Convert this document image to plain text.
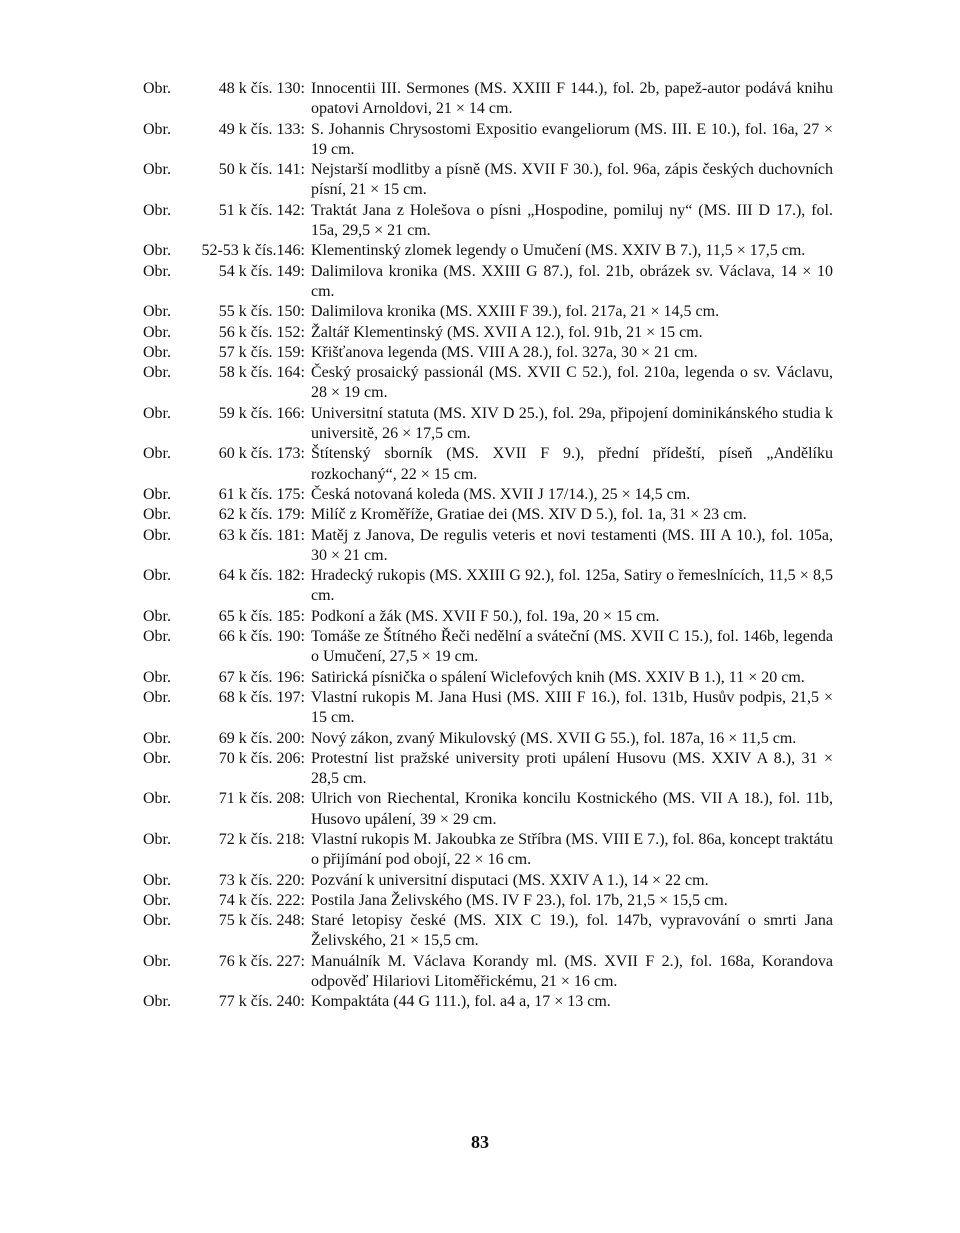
Obr.	48 k čís. 130: Innocentii III. Sermones (MS. XXIII F 144.), fol. 2b, papež-autor podává knihu opatovi Arnoldovi, 21 × 14 cm.
Obr.	49 k čís. 133: S. Johannis Chrysostomi Expositio evangeliorum (MS. III. E 10.), fol. 16a, 27 × 19 cm.
Obr.	50 k čís. 141: Nejstarší modlitby a písně (MS. XVII F 30.), fol. 96a, zápis českých duchovních písní, 21 × 15 cm.
Obr.	51 k čís. 142: Traktát Jana z Holešova o písni „Hospodine, pomiluj ny“ (MS. III D 17.), fol. 15a, 29,5 × 21 cm.
Obr.	52-53 k čís.146: Klementinský zlomek legendy o Umučení (MS. XXIV B 7.), 11,5 × 17,5 cm.
Obr.	54 k čís. 149: Dalimilova kronika (MS. XXIII G 87.), fol. 21b, obrázek sv. Václava, 14 × 10 cm.
Obr.	55 k čís. 150: Dalimilova kronika (MS. XXIII F 39.), fol. 217a, 21 × 14,5 cm.
Obr.	56 k čís. 152: Žaltář Klementinský (MS. XVII A 12.), fol. 91b, 21 × 15 cm.
Obr.	57 k čís. 159: Křišťanova legenda (MS. VIII A 28.), fol. 327a, 30 × 21 cm.
Obr.	58 k čís. 164: Český prosaický passionál (MS. XVII C 52.), fol. 210a, legenda o sv. Václavu, 28 × 19 cm.
Obr.	59 k čís. 166: Universitní statuta (MS. XIV D 25.), fol. 29a, připojení dominikánského studia k universitě, 26 × 17,5 cm.
Obr.	60 k čís. 173: Štítenský sborník (MS. XVII F 9.), přední přídeští, píseň „Andělíku rozkochaný“, 22 × 15 cm.
Obr.	61 k čís. 175: Česká notovaná koleda (MS. XVII J 17/14.), 25 × 14,5 cm.
Obr.	62 k čís. 179: Milíč z Kroměříže, Gratiae dei (MS. XIV D 5.), fol. 1a, 31 × 23 cm.
Obr.	63 k čís. 181: Matěj z Janova, De regulis veteris et novi testamenti (MS. III A 10.), fol. 105a, 30 × 21 cm.
Obr.	64 k čís. 182: Hradecký rukopis (MS. XXIII G 92.), fol. 125a, Satiry o řemeslnících, 11,5 × 8,5 cm.
Obr.	65 k čís. 185: Podkoní a žák (MS. XVII F 50.), fol. 19a, 20 × 15 cm.
Obr.	66 k čís. 190: Tomáše ze Štítného Řeči nedělní a sváteční (MS. XVII C 15.), fol. 146b, legenda o Umučení, 27,5 × 19 cm.
Obr.	67 k čís. 196: Satirická písnička o spálení Wiclefových knih (MS. XXIV B 1.), 11 × 20 cm.
Obr.	68 k čís. 197: Vlastní rukopis M. Jana Husi (MS. XIII F 16.), fol. 131b, Husův podpis, 21,5 × 15 cm.
Obr.	69 k čís. 200: Nový zákon, zvaný Mikulovský (MS. XVII G 55.), fol. 187a, 16 × 11,5 cm.
Obr.	70 k čís. 206: Protestní list pražské university proti upálení Husovu (MS. XXIV A 8.), 31 × 28,5 cm.
Obr.	71 k čís. 208: Ulrich von Riechental, Kronika koncilu Kostnického (MS. VII A 18.), fol. 11b, Husovo upálení, 39 × 29 cm.
Obr.	72 k čís. 218: Vlastní rukopis M. Jakoubka ze Stříbra (MS. VIII E 7.), fol. 86a, koncept traktátu o přijímání pod obojí, 22 × 16 cm.
Obr.	73 k čís. 220: Pozvání k universitní disputaci (MS. XXIV A 1.), 14 × 22 cm.
Obr.	74 k čís. 222: Postila Jana Želivského (MS. IV F 23.), fol. 17b, 21,5 × 15,5 cm.
Obr.	75 k čís. 248: Staré letopisy české (MS. XIX C 19.), fol. 147b, vypravování o smrti Jana Želivského, 21 × 15,5 cm.
Obr.	76 k čís. 227: Manuálník M. Václava Korandy ml. (MS. XVII F 2.), fol. 168a, Korandova odpověď Hilariovi Litoměřickému, 21 × 16 cm.
Obr.	77 k čís. 240: Kompaktáta (44 G 111.), fol. a4 a, 17 × 13 cm.
83
